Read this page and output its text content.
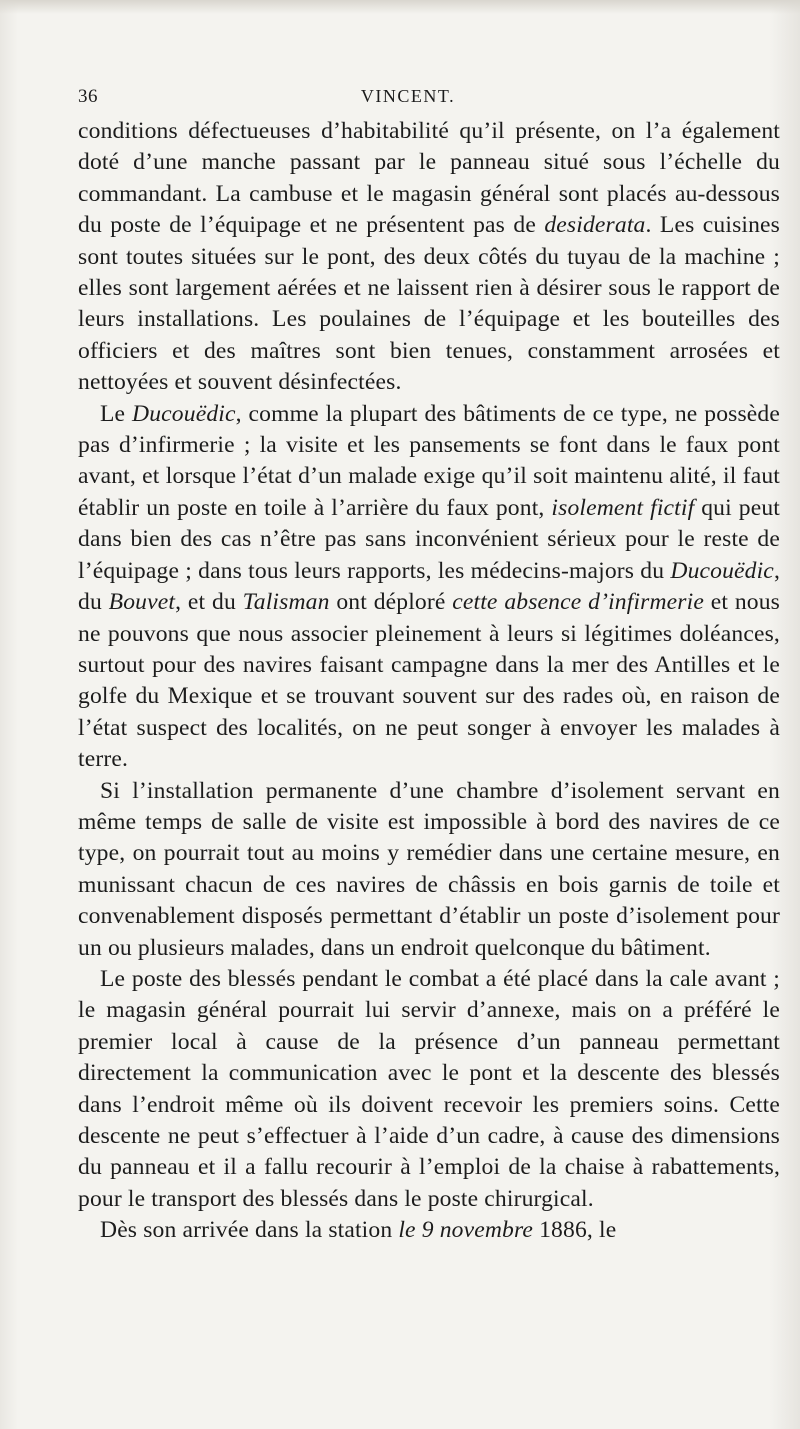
36	VINCENT.

conditions défectueuses d’habitabilité qu’il présente, on l’a également doté d’une manche passant par le panneau situé sous l’échelle du commandant. La cambuse et le magasin général sont placés au-dessous du poste de l’équipage et ne présentent pas de desiderata. Les cuisines sont toutes situées sur le pont, des deux côtés du tuyau de la machine ; elles sont largement aérées et ne laissent rien à désirer sous le rapport de leurs installations. Les poulaines de l’équipage et les bouteilles des officiers et des maîtres sont bien tenues, constamment arrosées et nettoyées et souvent désinfectées.

Le Ducouëdic, comme la plupart des bâtiments de ce type, ne possède pas d’infirmerie ; la visite et les pansements se font dans le faux pont avant, et lorsque l’état d’un malade exige qu’il soit maintenu alité, il faut établir un poste en toile à l’arrière du faux pont, isolement fictif qui peut dans bien des cas n’être pas sans inconvénient sérieux pour le reste de l’équipage ; dans tous leurs rapports, les médecins-majors du Ducouëdic, du Bouvet, et du Talisman ont déploré cette absence d’infirmerie et nous ne pouvons que nous associer pleinement à leurs si légitimes doléances, surtout pour des navires faisant campagne dans la mer des Antilles et le golfe du Mexique et se trouvant souvent sur des rades où, en raison de l’état suspect des localités, on ne peut songer à envoyer les malades à terre.

Si l’installation permanente d’une chambre d’isolement servant en même temps de salle de visite est impossible à bord des navires de ce type, on pourrait tout au moins y remédier dans une certaine mesure, en munissant chacun de ces navires de châssis en bois garnis de toile et convenablement disposés permettant d’établir un poste d’isolement pour un ou plusieurs malades, dans un endroit quelconque du bâtiment.

Le poste des blessés pendant le combat a été placé dans la cale avant ; le magasin général pourrait lui servir d’annexe, mais on a préféré le premier local à cause de la présence d’un panneau permettant directement la communication avec le pont et la descente des blessés dans l’endroit même où ils doivent recevoir les premiers soins. Cette descente ne peut s’effectuer à l’aide d’un cadre, à cause des dimensions du panneau et il a fallu recourir à l’emploi de la chaise à rabattements, pour le transport des blessés dans le poste chirurgical.

Dès son arrivée dans la station le 9 novembre 1886, le
